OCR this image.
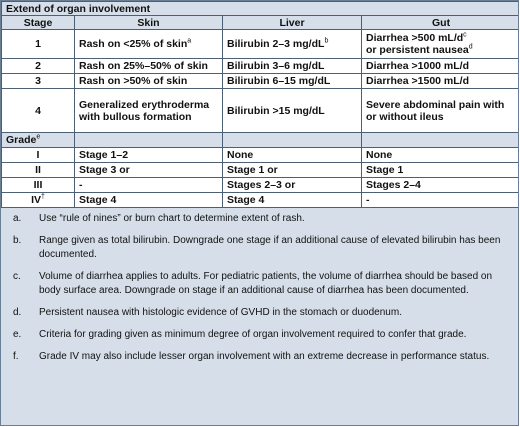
Extend of organ involvement			
Stage	Skin	Liver	Gut
1	Rash on <25% of skin$^a$	Bilirubin 2–3 $mg/dL^b$	Diarrhea >500 $mL/d^c$
or persistent nausea$^d$
2	Rash on 25%–50% of skin	Bilirubin 3–6 mg/dL	Diarrhea >1000 mL/d
3	Rash on >50% of skin	Bilirubin 6–15 mg/dL	Diarrhea >1500 mL/d
4	Generalized erythroderma with bullous formation	Bilirubin >15 mg/dL	Severe abdominal pain with or without ileus
Grade$^e$			
I	Stage 1–2	None	None
II	Stage 3 or	Stage 1 or	Stage 1
III	-	Stages 2–3 or	Stages 2–4
IV†	Stage 4	Stage 4	-
a.	Use “rule of nines” or burn chart to determine extent of rash.
b.	Range given as total bilirubin. Downgrade one stage if an additional cause of elevated bilirubin has been documented.
c.	Volume of diarrhea applies to adults. For pediatric patients, the volume of diarrhea should be based on body surface area. Downgrade on stage if an additional cause of diarrhea has been documented.
d.	Persistent nausea with histologic evidence of GVHD in the stomach or duodenum.
e.	Criteria for grading given as minimum degree of organ involvement required to confer that grade.
f.	Grade IV may also include lesser organ involvement with an extreme decrease in performance status.
